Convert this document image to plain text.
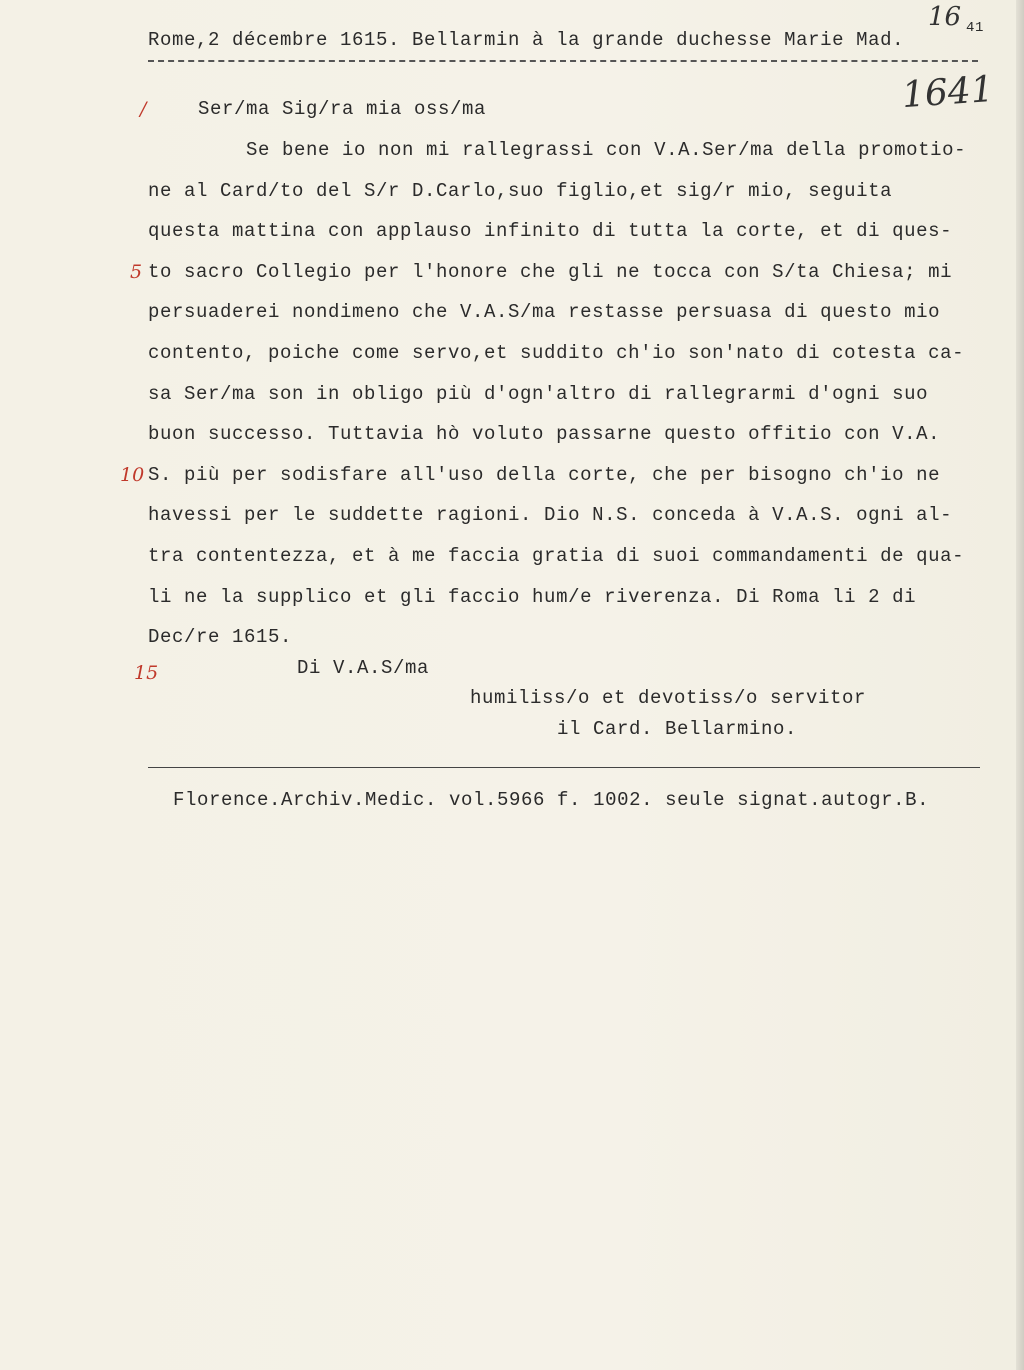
Rome,2 décembre 1615. Bellarmin à la grande duchesse Marie Mad.
41
16
1641
/	Ser/ma Sig/ra mia oss/ma
Se bene io non mi rallegrassi con V.A.Ser/ma della promotio-
ne al Card/to del S/r D.Carlo,suo figlio,et sig/r mio, seguita
questa mattina con applauso infinito di tutta la corte, et di ques-
5 to sacro Collegio per l'honore che gli ne tocca con S/ta Chiesa; mi
persuaderei nondimeno che V.A.S/ma restasse persuasa di questo mio
contento, poiche come servo,et suddito ch'io son'nato di cotesta ca-
sa Ser/ma son in obligo più d'ogn'altro di rallegrarmi d'ogni suo
buon successo. Tuttavia hò voluto passarne questo offitio con V.A.
10 S. più per sodisfare all'uso della corte, che per bisogno ch'io ne
havessi per le suddette ragioni. Dio N.S. conceda à V.A.S. ogni al-
tra contentezza, et à me faccia gratia di suoi commandamenti de qua-
li ne la supplico et gli faccio hum/e riverenza. Di Roma li 2 di
Dec/re 1615.
15	Di V.A.S/ma
humiliss/o et devotiss/o servitor
il Card. Bellarmino.
Florence.Archiv.Medic. vol.5966 f. 1002. seule signat.autogr.B.
